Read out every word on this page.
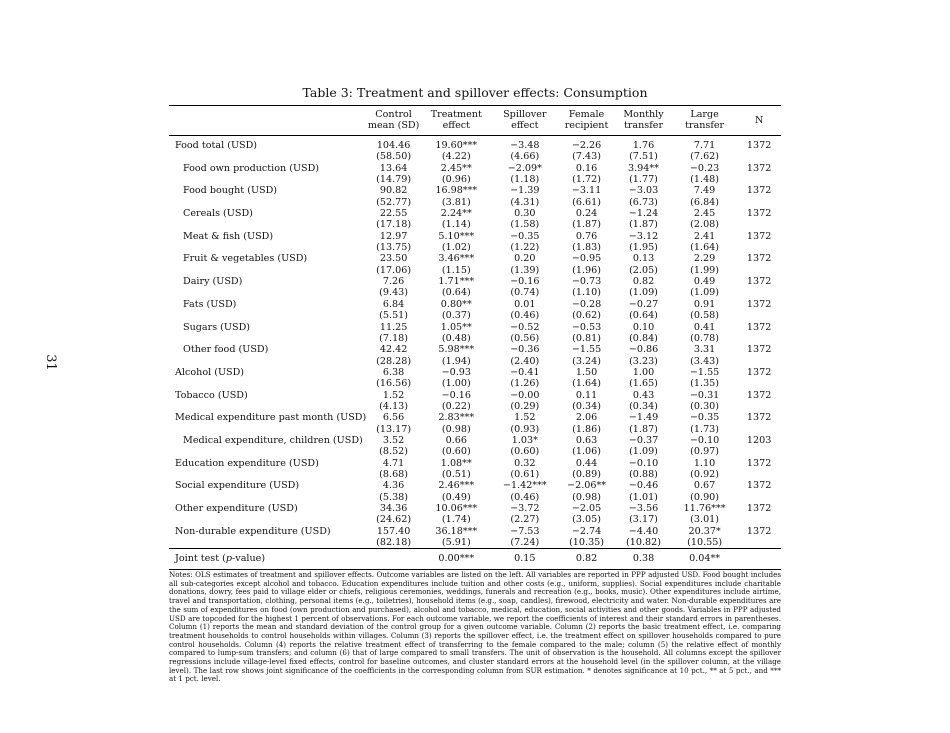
31
Table 3: Treatment and spillover effects: Consumption
	Control mean (SD)	Treatment effect	Spillover effect	Female recipient	Monthly transfer	Large transfer	N
Food total (USD)	104.46	19.60***	−3.48	−2.26	1.76	7.71	1372
	(58.50)	(4.22)	(4.66)	(7.43)	(7.51)	(7.62)	
Food own production (USD)	13.64	2.45**	−2.09*	0.16	3.94**	−0.23	1372
	(14.79)	(0.96)	(1.18)	(1.72)	(1.77)	(1.48)	
Food bought (USD)	90.82	16.98***	−1.39	−3.11	−3.03	7.49	1372
	(52.77)	(3.81)	(4.31)	(6.61)	(6.73)	(6.84)	
Cereals (USD)	22.55	2.24**	0.30	0.24	−1.24	2.45	1372
	(17.18)	(1.14)	(1.58)	(1.87)	(1.87)	(2.08)	
Meat & fish (USD)	12.97	5.10***	−0.35	0.76	−3.12	2.41	1372
	(13.75)	(1.02)	(1.22)	(1.83)	(1.95)	(1.64)	
Fruit & vegetables (USD)	23.50	3.46***	0.20	−0.95	0.13	2.29	1372
	(17.06)	(1.15)	(1.39)	(1.96)	(2.05)	(1.99)	
Dairy (USD)	7.26	1.71***	−0.16	−0.73	0.82	0.49	1372
	(9.43)	(0.64)	(0.74)	(1.10)	(1.09)	(1.09)	
Fats (USD)	6.84	0.80**	0.01	−0.28	−0.27	0.91	1372
	(5.51)	(0.37)	(0.46)	(0.62)	(0.64)	(0.58)	
Sugars (USD)	11.25	1.05**	−0.52	−0.53	0.10	0.41	1372
	(7.18)	(0.48)	(0.56)	(0.81)	(0.84)	(0.78)	
Other food (USD)	42.42	5.98***	−0.36	−1.55	−0.86	3.31	1372
	(28.28)	(1.94)	(2.40)	(3.24)	(3.23)	(3.43)	
Alcohol (USD)	6.38	−0.93	−0.41	1.50	1.00	−1.55	1372
	(16.56)	(1.00)	(1.26)	(1.64)	(1.65)	(1.35)	
Tobacco (USD)	1.52	−0.16	−0.00	0.11	0.43	−0.31	1372
	(4.13)	(0.22)	(0.29)	(0.34)	(0.34)	(0.30)	
Medical expenditure past month (USD)	6.56	2.83***	1.52	2.06	−1.49	−0.35	1372
	(13.17)	(0.98)	(0.93)	(1.86)	(1.87)	(1.73)	
Medical expenditure, children (USD)	3.52	0.66	1.03*	0.63	−0.37	−0.10	1203
	(8.52)	(0.60)	(0.60)	(1.06)	(1.09)	(0.97)	
Education expenditure (USD)	4.71	1.08**	0.32	0.44	−0.10	1.10	1372
	(8.68)	(0.51)	(0.61)	(0.89)	(0.88)	(0.92)	
Social expenditure (USD)	4.36	2.46***	−1.42***	−2.06**	−0.46	0.67	1372
	(5.38)	(0.49)	(0.46)	(0.98)	(1.01)	(0.90)	
Other expenditure (USD)	34.36	10.06***	−3.72	−2.05	−3.56	11.76***	1372
	(24.62)	(1.74)	(2.27)	(3.05)	(3.17)	(3.01)	
Non-durable expenditure (USD)	157.40	36.18***	−7.53	−2.74	−4.40	20.37*	1372
	(82.18)	(5.91)	(7.24)	(10.35)	(10.82)	(10.55)	
Joint test (p-value)		0.00***	0.15	0.82	0.38	0.04**	
Notes: OLS estimates of treatment and spillover effects. Outcome variables are listed on the left. All variables are reported in PPP adjusted USD. Food bought includes all sub-categories except alcohol and tobacco. Education expenditures include tuition and other costs (e.g., uniform, supplies). Social expenditures include charitable donations, dowry, fees paid to village elder or chiefs, religious ceremonies, weddings, funerals and recreation (e.g., books, music). Other expenditures include airtime, travel and transportation, clothing, personal items (e.g., toiletries), household items (e.g., soap, candles), firewood, electricity and water. Non-durable expenditures are the sum of expenditures on food (own production and purchased), alcohol and tobacco, medical, education, social activities and other goods. Variables in PPP adjusted USD are topcoded for the highest 1 percent of observations. For each outcome variable, we report the coefficients of interest and their standard errors in parentheses. Column (1) reports the mean and standard deviation of the control group for a given outcome variable. Column (2) reports the basic treatment effect, i.e. comparing treatment households to control households within villages. Column (3) reports the spillover effect, i.e. the treatment effect on spillover households compared to pure control households. Column (4) reports the relative treatment effect of transferring to the female compared to the male; column (5) the relative effect of monthly compared to lump-sum transfers; and column (6) that of large compared to small transfers. The unit of observation is the household. All columns except the spillover regressions include village-level fixed effects, control for baseline outcomes, and cluster standard errors at the household level (in the spillover column, at the village level). The last row shows joint significance of the coefficients in the corresponding column from SUR estimation. * denotes significance at 10 pct., ** at 5 pct., and *** at 1 pct. level.
